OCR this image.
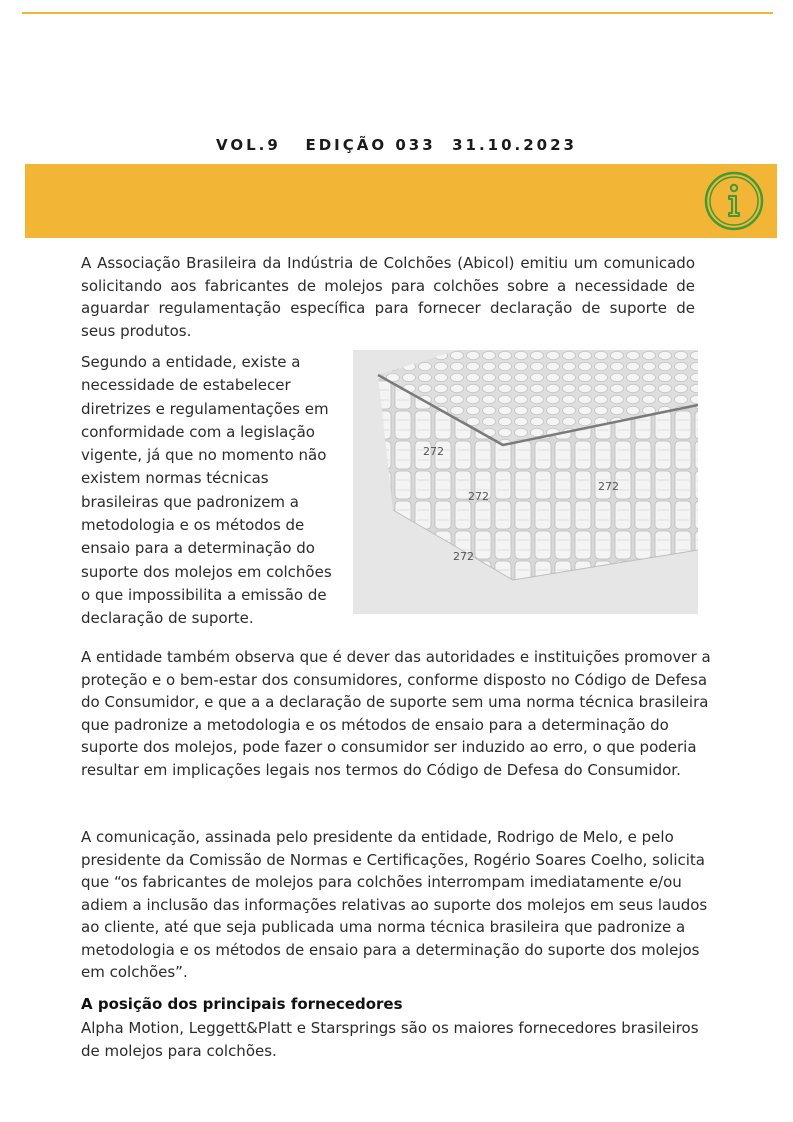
VOL.9   EDIÇÃO 033  31.10.2023

A Associação Brasileira da Indústria de Colchões (Abicol) emitiu um comunicado solicitando aos fabricantes de molejos para colchões sobre a necessidade de aguardar regulamentação específica para fornecer declaração de suporte de seus produtos.

Segundo a entidade, existe a necessidade de estabelecer diretrizes e regulamentações em conformidade com a legislação vigente, já que no momento não existem normas técnicas brasileiras que padronizem a metodologia e os métodos de ensaio para a determinação do suporte dos molejos em colchões o que impossibilita a emissão de declaração de suporte.

272
272
272
272

A entidade também observa que é dever das autoridades e instituições promover a proteção e o bem-estar dos consumidores, conforme disposto no Código de Defesa do Consumidor, e que a a declaração de suporte sem uma norma técnica brasileira que padronize a metodologia e os métodos de ensaio para a determinação do suporte dos molejos, pode fazer o consumidor ser induzido ao erro, o que poderia resultar em implicações legais nos termos do Código de Defesa do Consumidor.

A comunicação, assinada pelo presidente da entidade, Rodrigo de Melo, e pelo presidente da Comissão de Normas e Certificações, Rogério Soares Coelho, solicita que “os fabricantes de molejos para colchões interrompam imediatamente e/ou adiem a inclusão das informações relativas ao suporte dos molejos em seus laudos ao cliente, até que seja publicada uma norma técnica brasileira que padronize a metodologia e os métodos de ensaio para a determinação do suporte dos molejos em colchões”.

A posição dos principais fornecedores

Alpha Motion, Leggett&Platt e Starsprings são os maiores fornecedores brasileiros de molejos para colchões.
